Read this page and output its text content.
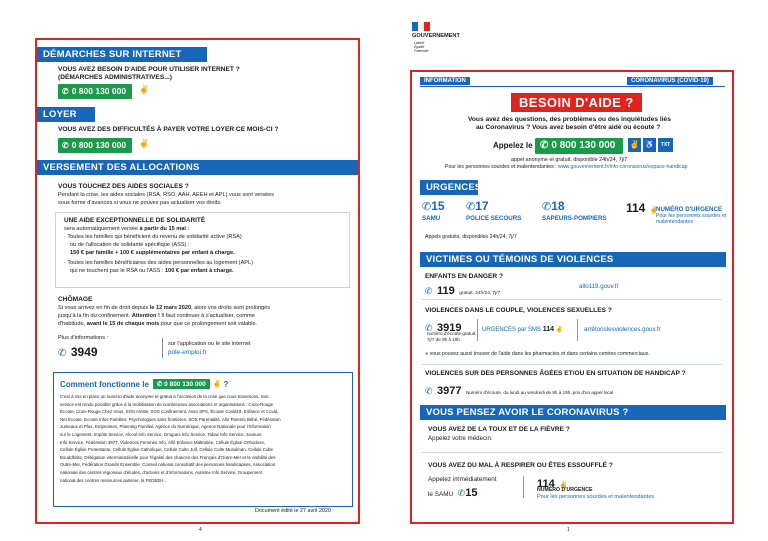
DÉMARCHES SUR INTERNET
VOUS AVEZ BESOIN D'AIDE POUR UTILISER INTERNET ?
(DÉMARCHES ADMINISTRATIVES...)
✆ 0 800 130 000	✌
LOYER
VOUS AVEZ DES DIFFICULTÉS À PAYER VOTRE LOYER CE MOIS-CI ?
✆ 0 800 130 000	✌
VERSEMENT DES ALLOCATIONS
VOUS TOUCHEZ DES AIDES SOCIALES ?
Pendant la crise, les aides sociales (RSA, RSO, AAH, AEEH et APL) vous sont versées
sous forme d'avances si vous ne pouvez pas actualiser vos droits.
UNE AIDE EXCEPTIONNELLE DE SOLIDARITÉ
sera automatiquement versée à partir du 15 mai :
· Toutes les familles qui bénéficient du revenu de solidarité active (RSA)
ou de l'allocation de solidarité spécifique (ASS) :
150 € par famille + 100 € supplémentaires par enfant à charge.
· Toutes les familles bénéficiaires des aides personnelles au logement (APL)
qui ne touchent pas le RSA ou l'ASS : 100 € par enfant à charge.
CHÔMAGE
Si vous arrivez en fin de droit depuis le 12 mars 2020, alors vos droits sont prolongés
jusqu'à la fin du confinement. Attention ! Il faut continuer à s'actualiser, comme
d'habitude, avant le 15 de chaque mois pour que ce prolongement soit valable.
Plus d'informations :
✆ 3949
sur l'application ou le site internet
pole-emploi.fr
Comment fonctionne le	✆ 0 800 130 000	✌ ?
C'est à mis en place un numéro d'aide anonyme et gratuit à l'occasion de la crise que nous traversons. Son
service est rendu possible grâce à la mobilisation de nombreuses associations et organisations : Croix-Rouge
Écoute, Croix-Rouge Chez Vous, SOS Amitié, SOS Confinement, Asso SPS, Écoute Covid19, Enfance et Covid,
Net Ecoute, Ecoute Infos Familles, Psychologues sans frontières, SOS Parentalité, Allo Parents Bébé, Fédération
Jumeaux et Plus, Empreintes, Planning Familial, Agence du Numérique, Agence Nationale pour l'Information
sur le Logement, Impôts Service, Alcool Info Service, Drogues Info Service, Tabac Info Service, Joueurs
Info Service, Fédération 3977, Violences Femmes Info, Allô Enfance Maltraitée, Cellule Église Orthodoxe,
Cellule Église Protestante, Cellule Église Catholique, Cellule Culte Juif, Cellule Culte Musulman, Cellule Culte
Bouddhiste, Délégation interministérielle pour l'égalité des chances des Français d'Outre-Mer et la visibilité des
Outre-Mer, Fédération Grandir Ensemble, Conseil national consultatif des personnes handicapées, Association
nationale des centres régionaux d'études, d'actions et d'informations, Autisme Info Service, Groupement
national des centres ressources autisme, la FEDEEH...
Document édité le 27 avril 2020
4
GOUVERNEMENT
Liberté
Égalité
Fraternité
INFORMATION	CORONAVIRUS (COVID-19)
BESOIN D'AIDE ?
Vous avez des questions, des problèmes ou des inquiétudes liés
au Coronavirus ? Vous avez besoin d'être aidé ou écouté ?
Appelez le ✆ 0 800 130 000	✌ ♿	TXT
appel anonyme et gratuit, disponible 24h/24, 7j/7
Pour les personnes sourdes et malentendantes : www.gouvernement.fr/info-coronavirus/espace-handicap
URGENCES
✆15
SAMU
✆17
POLICE SECOURS
✆18
SAPEURS-POMPIERS
114 ✌
NUMÉRO D'URGENCE
Pour les personnes sourdes et
malentendantes
Appels gratuits, disponibles 24h/24, 7j/7
VICTIMES OU TÉMOINS DE VIOLENCES
ENFANTS EN DANGER ?
✆ 119 gratuit, 24h/24, 7j/7
allo119.gouv.fr
VIOLENCES DANS LE COUPLE, VIOLENCES SEXUELLES ?
✆ 3919
numéro d'écoute gratuit,
7j/7 de 9h à 19h
URGENCES par SMS 114 ✌	arrêtonslesviolences.gouv.fr
● vous pouvez aussi trouver de l'aide dans les pharmacies et dans certains centres commerciaux.
VIOLENCES SUR DES PERSONNES ÂGÉES ET/OU EN SITUATION DE HANDICAP ?
✆ 3977 Numéro d'écoute, du lundi au vendredi de 9h à 19h, prix d'un appel local
VOUS PENSEZ AVOIR LE CORONAVIRUS ?
VOUS AVEZ DE LA TOUX ET DE LA FIÈVRE ?
Appelez votre médecin.
VOUS AVEZ DU MAL À RESPIRER OU ÊTES ESSOUFFLÉ ?
Appelez immédiatement
le SAMU ✆15
114 ✌
NUMÉRO D'URGENCE
Pour les personnes sourdes et malentendantes
1
